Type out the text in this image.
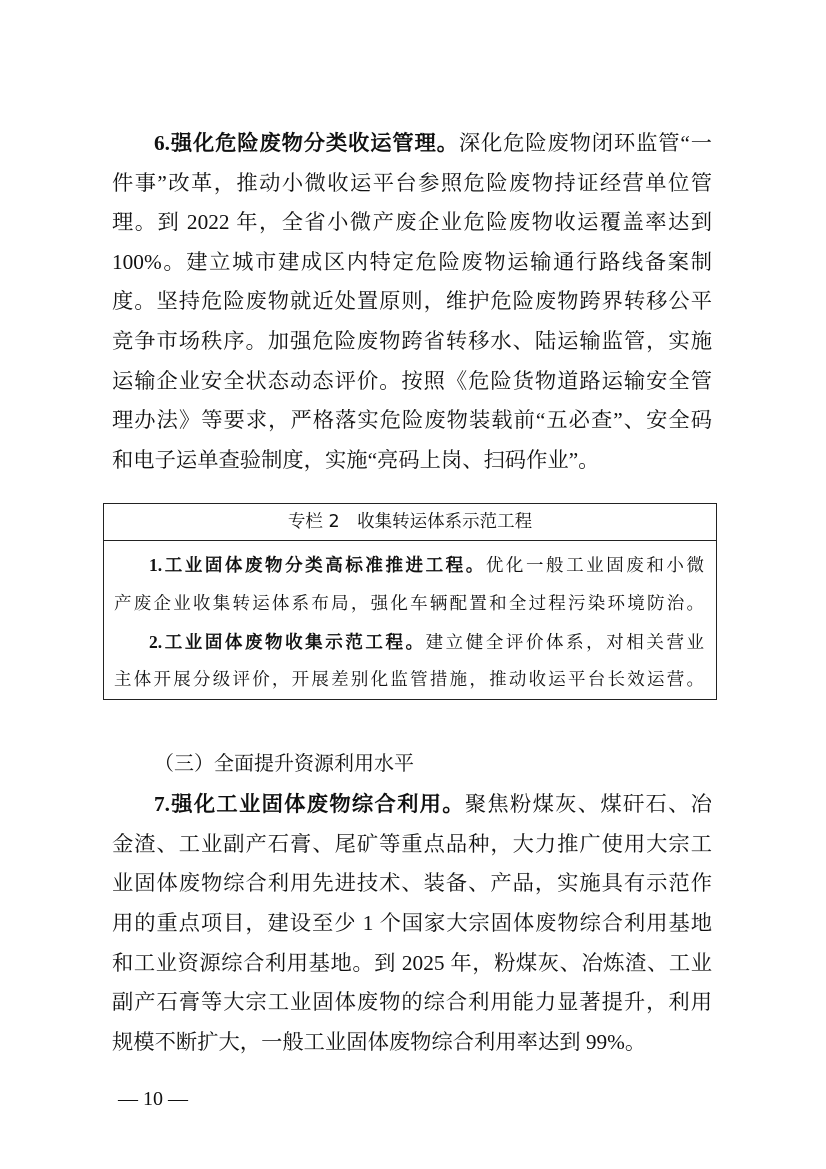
6.强化危险废物分类收运管理。深化危险废物闭环监管“一
件事”改革，推动小微收运平台参照危险废物持证经营单位管
理。到 2022 年，全省小微产废企业危险废物收运覆盖率达到
100%。建立城市建成区内特定危险废物运输通行路线备案制
度。坚持危险废物就近处置原则，维护危险废物跨界转移公平
竞争市场秩序。加强危险废物跨省转移水、陆运输监管，实施
运输企业安全状态动态评价。按照《危险货物道路运输安全管
理办法》等要求，严格落实危险废物装载前“五必查”、安全码
和电子运单查验制度，实施“亮码上岗、扫码作业”。
专栏 2　收集转运体系示范工程
1.工业固体废物分类高标准推进工程。优化一般工业固废和小微
产废企业收集转运体系布局，强化车辆配置和全过程污染环境防治。
2.工业固体废物收集示范工程。建立健全评价体系，对相关营业
主体开展分级评价，开展差别化监管措施，推动收运平台长效运营。
（三）全面提升资源利用水平
7.强化工业固体废物综合利用。聚焦粉煤灰、煤矸石、冶
金渣、工业副产石膏、尾矿等重点品种，大力推广使用大宗工
业固体废物综合利用先进技术、装备、产品，实施具有示范作
用的重点项目，建设至少 1 个国家大宗固体废物综合利用基地
和工业资源综合利用基地。到 2025 年，粉煤灰、冶炼渣、工业
副产石膏等大宗工业固体废物的综合利用能力显著提升，利用
规模不断扩大，一般工业固体废物综合利用率达到 99%。
— 10 —
